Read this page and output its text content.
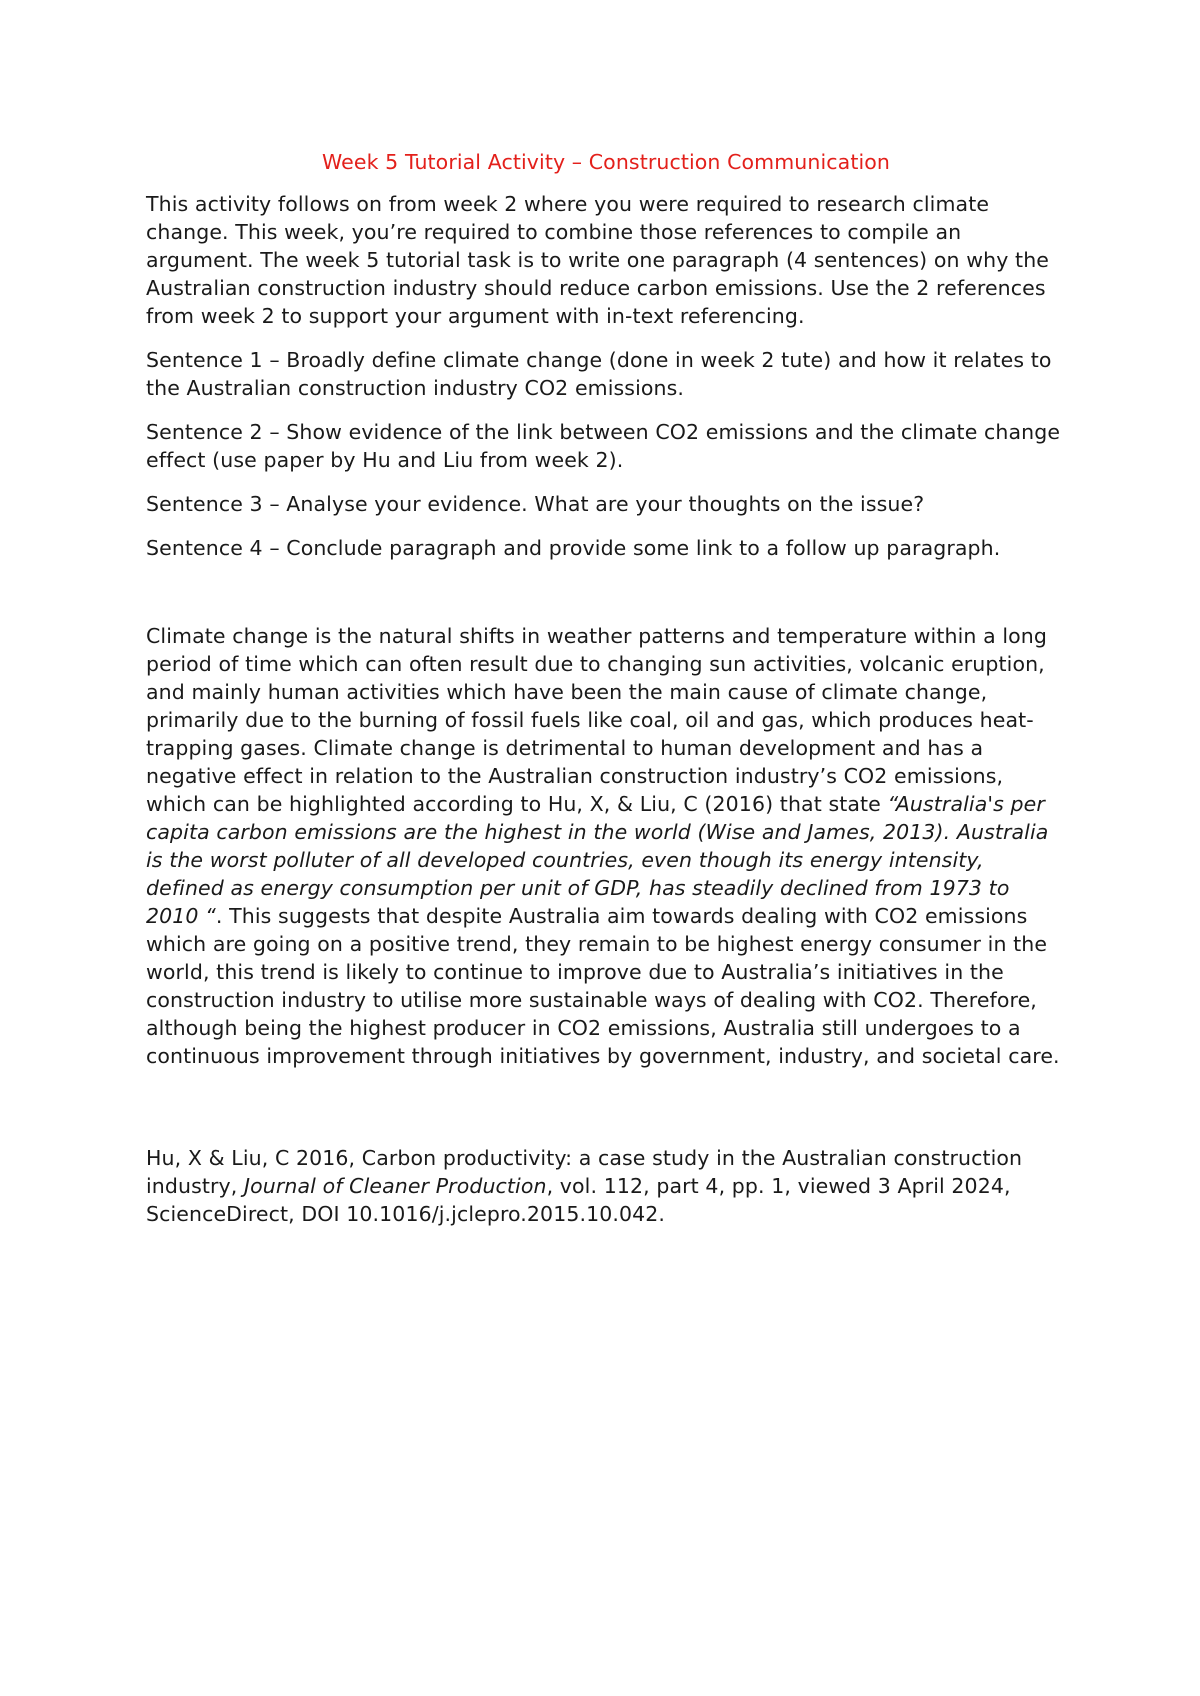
Week 5 Tutorial Activity – Construction Communication

This activity follows on from week 2 where you were required to research climate change. This week, you’re required to combine those references to compile an argument. The week 5 tutorial task is to write one paragraph (4 sentences) on why the Australian construction industry should reduce carbon emissions. Use the 2 references from week 2 to support your argument with in-text referencing.

Sentence 1 – Broadly define climate change (done in week 2 tute) and how it relates to the Australian construction industry CO2 emissions.

Sentence 2 – Show evidence of the link between CO2 emissions and the climate change effect (use paper by Hu and Liu from week 2).

Sentence 3 – Analyse your evidence. What are your thoughts on the issue?

Sentence 4 – Conclude paragraph and provide some link to a follow up paragraph.

Climate change is the natural shifts in weather patterns and temperature within a long period of time which can often result due to changing sun activities, volcanic eruption, and mainly human activities which have been the main cause of climate change, primarily due to the burning of fossil fuels like coal, oil and gas, which produces heat-trapping gases. Climate change is detrimental to human development and has a negative effect in relation to the Australian construction industry’s CO2 emissions, which can be highlighted according to Hu, X, & Liu, C (2016) that state “Australia's per capita carbon emissions are the highest in the world (Wise and James, 2013). Australia is the worst polluter of all developed countries, even though its energy intensity, defined as energy consumption per unit of GDP, has steadily declined from 1973 to 2010 “. This suggests that despite Australia aim towards dealing with CO2 emissions which are going on a positive trend, they remain to be highest energy consumer in the world, this trend is likely to continue to improve due to Australia’s initiatives in the construction industry to utilise more sustainable ways of dealing with CO2. Therefore, although being the highest producer in CO2 emissions, Australia still undergoes to a continuous improvement through initiatives by government, industry, and societal care.

Hu, X & Liu, C 2016, Carbon productivity: a case study in the Australian construction industry, Journal of Cleaner Production, vol. 112, part 4, pp. 1, viewed 3 April 2024, ScienceDirect, DOI 10.1016/j.jclepro.2015.10.042.
